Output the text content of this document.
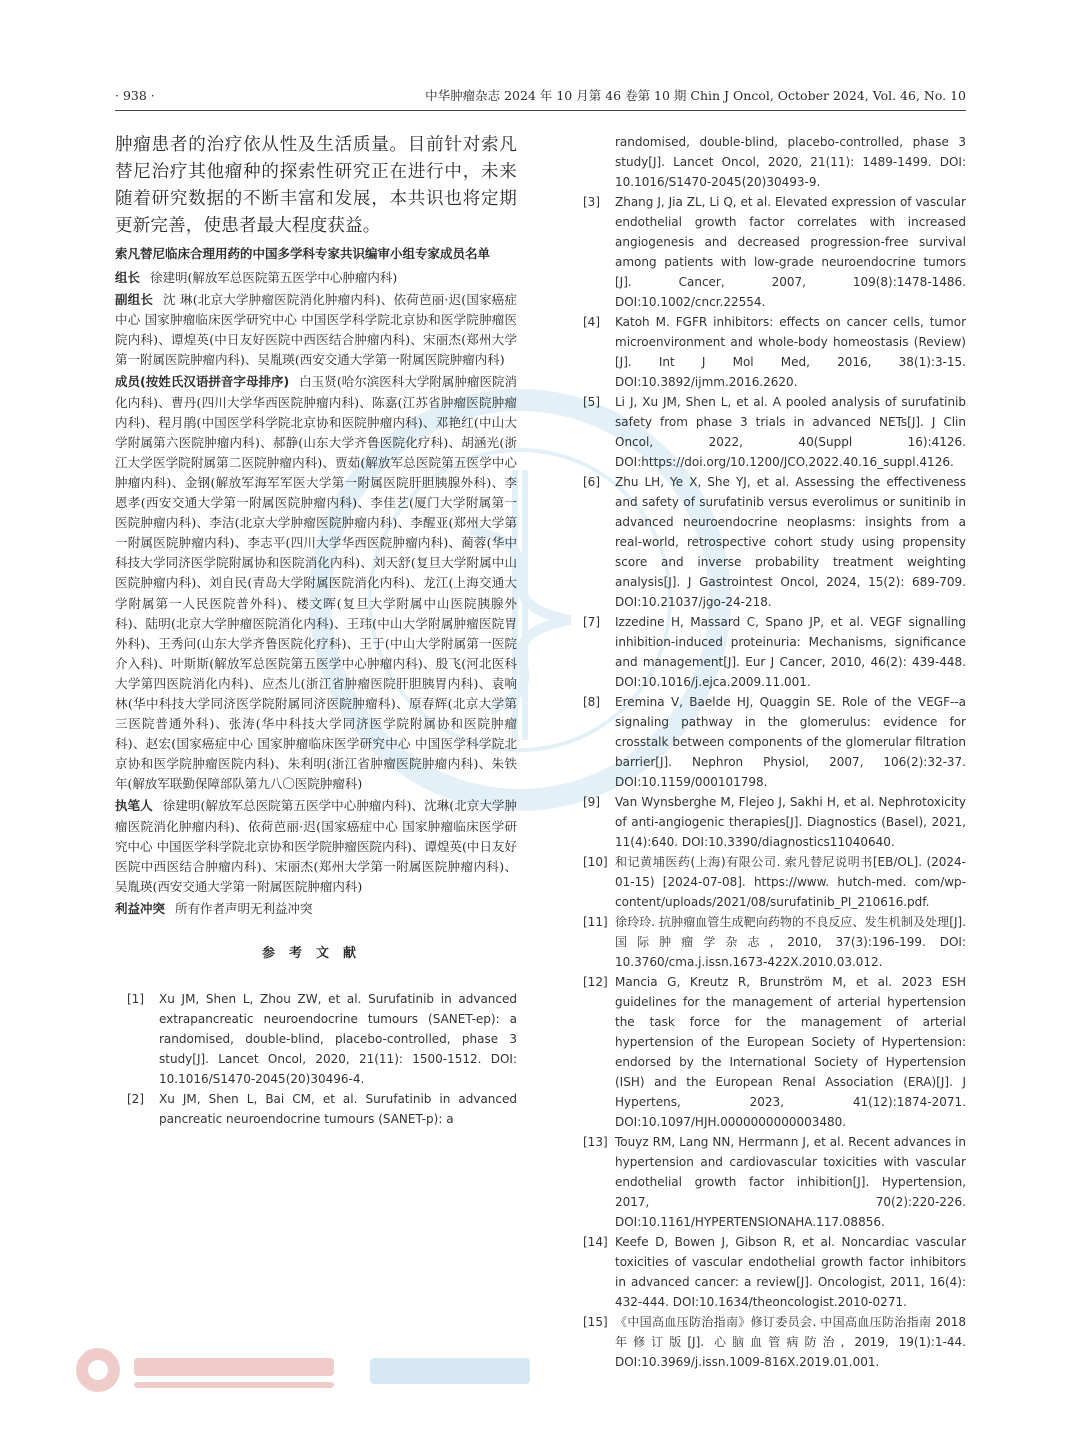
· 938 ·	中华肿瘤杂志 2024 年 10 月第 46 卷第 10 期 Chin J Oncol, October 2024, Vol. 46, No. 10

肿瘤患者的治疗依从性及生活质量。目前针对索凡替尼治疗其他瘤种的探索性研究正在进行中，未来随着研究数据的不断丰富和发展，本共识也将定期更新完善，使患者最大程度获益。

索凡替尼临床合理用药的中国多学科专家共识编审小组专家成员名单

组长 徐建明(解放军总医院第五医学中心肿瘤内科)

副组长 沈 琳(北京大学肿瘤医院消化肿瘤内科)、依荷芭丽·迟(国家癌症中心 国家肿瘤临床医学研究中心 中国医学科学院北京协和医学院肿瘤医院内科)、谭煌英(中日友好医院中西医结合肿瘤内科)、宋丽杰(郑州大学第一附属医院肿瘤内科)、吴胤瑛(西安交通大学第一附属医院肿瘤内科)

成员(按姓氏汉语拼音字母排序) 白玉贤(哈尔滨医科大学附属肿瘤医院消化内科)、曹丹(四川大学华西医院肿瘤内科)、陈嘉(江苏省肿瘤医院肿瘤内科)、程月鹃(中国医学科学院北京协和医院肿瘤内科)、邓艳红(中山大学附属第六医院肿瘤内科)、郝静(山东大学齐鲁医院化疗科)、胡涵光(浙江大学医学院附属第二医院肿瘤内科)、贾茹(解放军总医院第五医学中心肿瘤内科)、金钢(解放军海军军医大学第一附属医院肝胆胰腺外科)、李恩孝(西安交通大学第一附属医院肿瘤内科)、李佳艺(厦门大学附属第一医院肿瘤内科)、李洁(北京大学肿瘤医院肿瘤内科)、李醒亚(郑州大学第一附属医院肿瘤内科)、李志平(四川大学华西医院肿瘤内科)、蔺蓉(华中科技大学同济医学院附属协和医院消化内科)、刘天舒(复旦大学附属中山医院肿瘤内科)、刘自民(青岛大学附属医院消化内科)、龙江(上海交通大学附属第一人民医院普外科)、楼文晖(复旦大学附属中山医院胰腺外科)、陆明(北京大学肿瘤医院消化内科)、王玮(中山大学附属肿瘤医院胃外科)、王秀问(山东大学齐鲁医院化疗科)、王于(中山大学附属第一医院介入科)、叶斯斯(解放军总医院第五医学中心肿瘤内科)、殷飞(河北医科大学第四医院消化内科)、应杰儿(浙江省肿瘤医院肝胆胰胃内科)、袁响林(华中科技大学同济医学院附属同济医院肿瘤科)、原春辉(北京大学第三医院普通外科)、张涛(华中科技大学同济医学院附属协和医院肿瘤科)、赵宏(国家癌症中心 国家肿瘤临床医学研究中心 中国医学科学院北京协和医学院肿瘤医院内科)、朱利明(浙江省肿瘤医院肿瘤内科)、朱铁年(解放军联勤保障部队第九八〇医院肿瘤科)

执笔人 徐建明(解放军总医院第五医学中心肿瘤内科)、沈琳(北京大学肿瘤医院消化肿瘤内科)、依荷芭丽·迟(国家癌症中心 国家肿瘤临床医学研究中心 中国医学科学院北京协和医学院肿瘤医院内科)、谭煌英(中日友好医院中西医结合肿瘤内科)、宋丽杰(郑州大学第一附属医院肿瘤内科)、吴胤瑛(西安交通大学第一附属医院肿瘤内科)

利益冲突 所有作者声明无利益冲突

参考文献

[1] Xu JM, Shen L, Zhou ZW, et al. Surufatinib in advanced extrapancreatic neuroendocrine tumours (SANET-ep): a randomised, double-blind, placebo-controlled, phase 3 study[J]. Lancet Oncol, 2020, 21(11): 1500-1512. DOI: 10.1016/S1470-2045(20)30496-4.
[2] Xu JM, Shen L, Bai CM, et al. Surufatinib in advanced pancreatic neuroendocrine tumours (SANET-p): a
randomised, double-blind, placebo-controlled, phase 3 study[J]. Lancet Oncol, 2020, 21(11): 1489-1499. DOI: 10.1016/S1470-2045(20)30493-9.
[3] Zhang J, Jia ZL, Li Q, et al. Elevated expression of vascular endothelial growth factor correlates with increased angiogenesis and decreased progression-free survival among patients with low-grade neuroendocrine tumors [J]. Cancer, 2007, 109(8):1478-1486. DOI:10.1002/cncr.22554.
[4] Katoh M. FGFR inhibitors: effects on cancer cells, tumor microenvironment and whole-body homeostasis (Review) [J]. Int J Mol Med, 2016, 38(1):3-15. DOI:10.3892/ijmm.2016.2620.
[5] Li J, Xu JM, Shen L, et al. A pooled analysis of surufatinib safety from phase 3 trials in advanced NETs[J]. J Clin Oncol, 2022, 40(Suppl 16):4126. DOI:https://doi.org/10.1200/JCO.2022.40.16_suppl.4126.
[6] Zhu LH, Ye X, She YJ, et al. Assessing the effectiveness and safety of surufatinib versus everolimus or sunitinib in advanced neuroendocrine neoplasms: insights from a real-world, retrospective cohort study using propensity score and inverse probability treatment weighting analysis[J]. J Gastrointest Oncol, 2024, 15(2): 689-709. DOI:10.21037/jgo-24-218.
[7] Izzedine H, Massard C, Spano JP, et al. VEGF signalling inhibition-induced proteinuria: Mechanisms, significance and management[J]. Eur J Cancer, 2010, 46(2): 439-448. DOI:10.1016/j.ejca.2009.11.001.
[8] Eremina V, Baelde HJ, Quaggin SE. Role of the VEGF--a signaling pathway in the glomerulus: evidence for crosstalk between components of the glomerular filtration barrier[J]. Nephron Physiol, 2007, 106(2):32-37. DOI:10.1159/000101798.
[9] Van Wynsberghe M, Flejeo J, Sakhi H, et al. Nephrotoxicity of anti-angiogenic therapies[J]. Diagnostics (Basel), 2021, 11(4):640. DOI:10.3390/diagnostics11040640.
[10] 和记黄埔医药(上海)有限公司. 索凡替尼说明书[EB/OL]. (2024-01-15) [2024-07-08]. https://www. hutch-med. com/wp-content/uploads/2021/08/surufatinib_PI_210616.pdf.
[11] 徐玲玲. 抗肿瘤血管生成靶向药物的不良反应、发生机制及处理[J]. 国际肿瘤学杂志, 2010, 37(3):196-199. DOI: 10.3760/cma.j.issn.1673-422X.2010.03.012.
[12] Mancia G, Kreutz R, Brunström M, et al. 2023 ESH guidelines for the management of arterial hypertension the task force for the management of arterial hypertension of the European Society of Hypertension: endorsed by the International Society of Hypertension (ISH) and the European Renal Association (ERA)[J]. J Hypertens, 2023, 41(12):1874-2071. DOI:10.1097/HJH.0000000000003480.
[13] Touyz RM, Lang NN, Herrmann J, et al. Recent advances in hypertension and cardiovascular toxicities with vascular endothelial growth factor inhibition[J]. Hypertension, 2017, 70(2):220-226. DOI:10.1161/HYPERTENSIONAHA.117.08856.
[14] Keefe D, Bowen J, Gibson R, et al. Noncardiac vascular toxicities of vascular endothelial growth factor inhibitors in advanced cancer: a review[J]. Oncologist, 2011, 16(4): 432-444. DOI:10.1634/theoncologist.2010-0271.
[15] 《中国高血压防治指南》修订委员会. 中国高血压防治指南 2018 年修订版[J]. 心脑血管病防治, 2019, 19(1):1-44. DOI:10.3969/j.issn.1009-816X.2019.01.001.
